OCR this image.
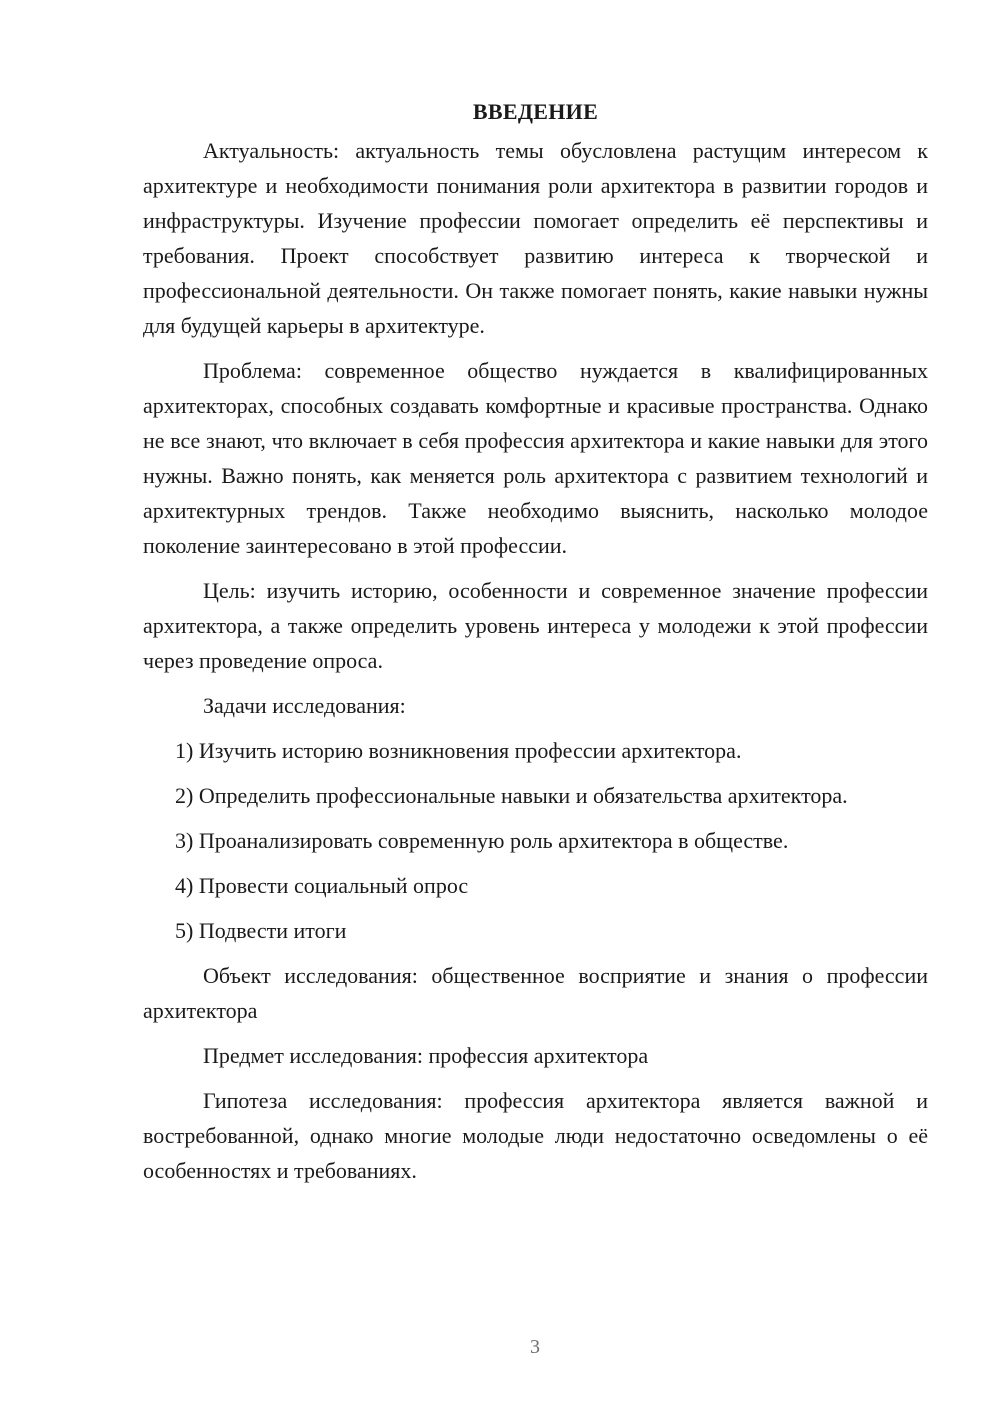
ВВЕДЕНИЕ

Актуальность: актуальность темы обусловлена растущим интересом к архитектуре и необходимости понимания роли архитектора в развитии городов и инфраструктуры. Изучение профессии помогает определить её перспективы и требования. Проект способствует развитию интереса к творческой и профессиональной деятельности. Он также помогает понять, какие навыки нужны для будущей карьеры в архитектуре.

Проблема: современное общество нуждается в квалифицированных архитекторах, способных создавать комфортные и красивые пространства. Однако не все знают, что включает в себя профессия архитектора и какие навыки для этого нужны. Важно понять, как меняется роль архитектора с развитием технологий и архитектурных трендов. Также необходимо выяснить, насколько молодое поколение заинтересовано в этой профессии.

Цель: изучить историю, особенности и современное значение профессии архитектора, а также определить уровень интереса у молодежи к этой профессии через проведение опроса.

Задачи исследования:

1) Изучить историю возникновения профессии архитектора.

2) Определить профессиональные навыки и обязательства архитектора.

3) Проанализировать современную роль архитектора в обществе.

4) Провести социальный опрос

5) Подвести итоги

Объект исследования: общественное восприятие и знания о профессии архитектора

Предмет исследования: профессия архитектора

Гипотеза исследования: профессия архитектора является важной и востребованной, однако многие молодые люди недостаточно осведомлены о её особенностях и требованиях.

3
